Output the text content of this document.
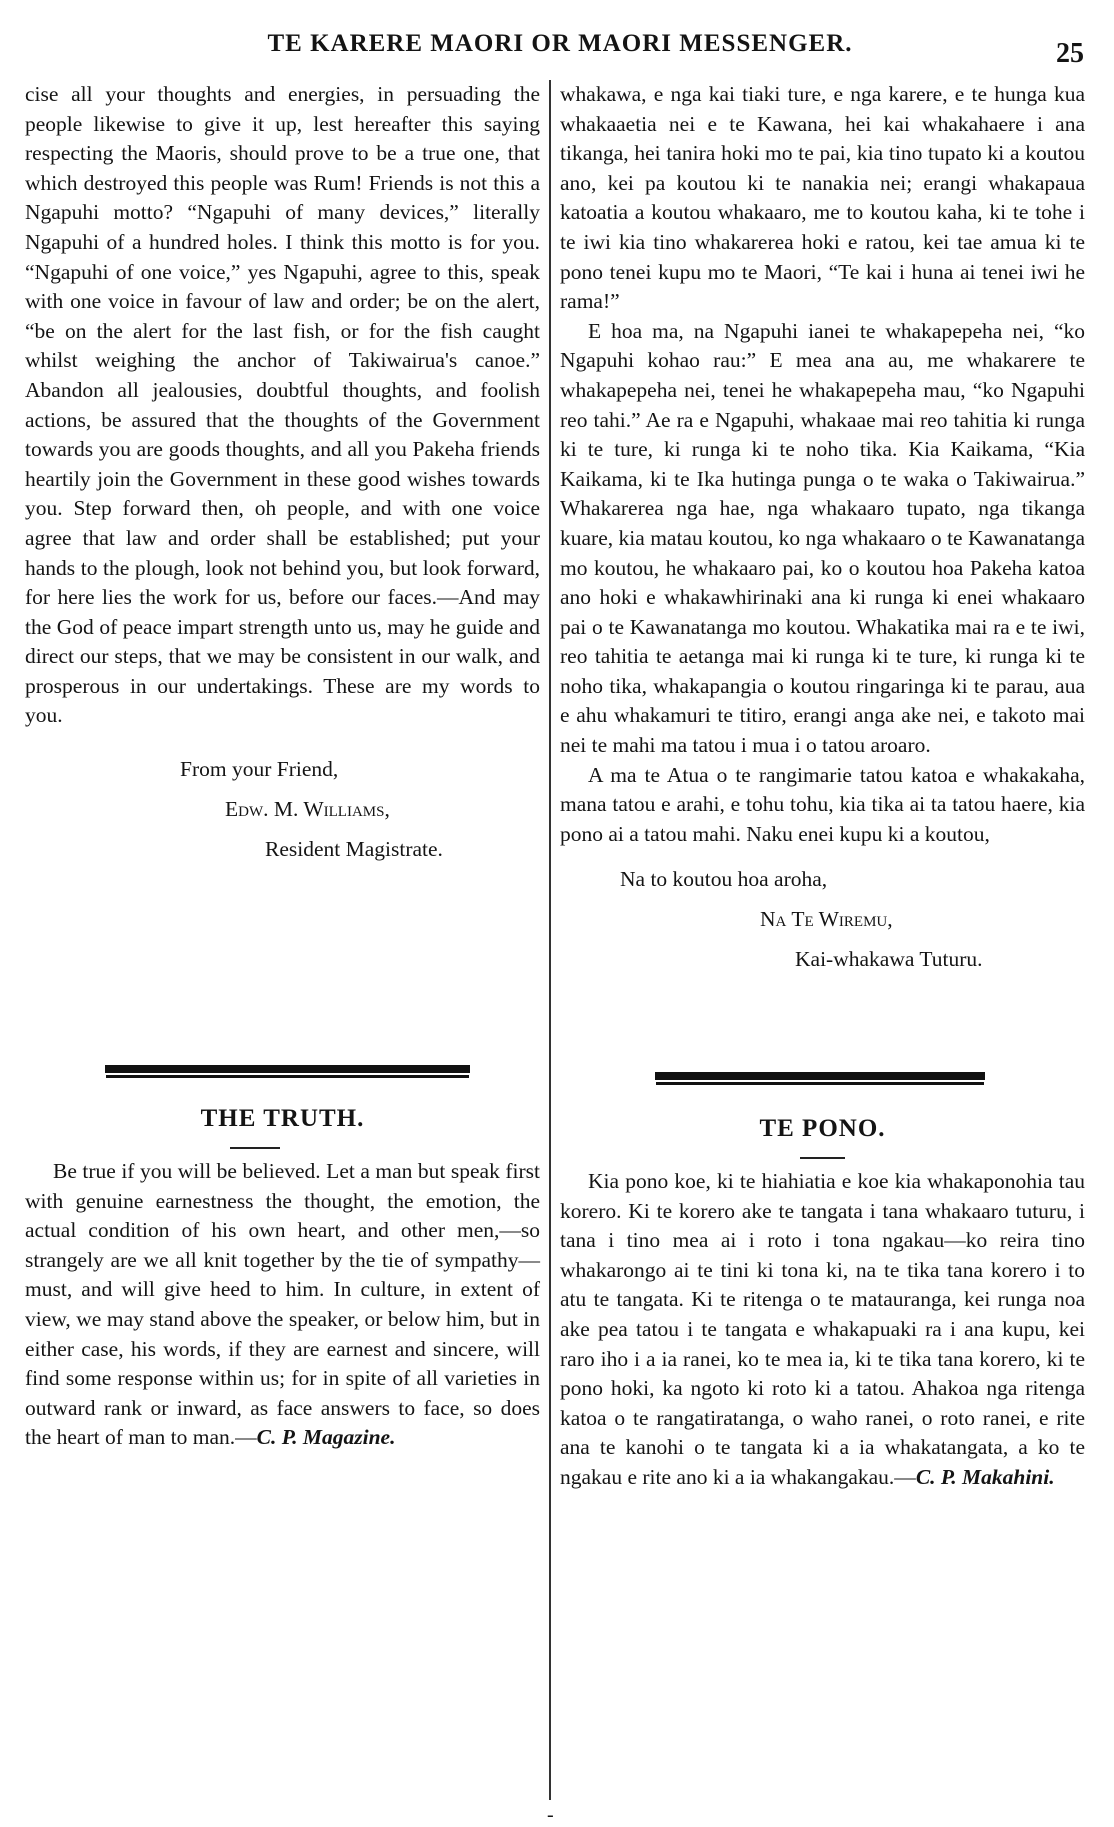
TE KARERE MAORI OR MAORI MESSENGER.	25

cise all your thoughts and energies, in persuading the people likewise to give it up, lest hereafter this saying respecting the Maoris, should prove to be a true one, that which destroyed this people was Rum! Friends is not this a Ngapuhi motto? “Ngapuhi of many devices,” literally Ngapuhi of a hundred holes. I think this motto is for you. “Ngapuhi of one voice,” yes Ngapuhi, agree to this, speak with one voice in favour of law and order; be on the alert, “be on the alert for the last fish, or for the fish caught whilst weighing the anchor of Takiwairua's canoe.” Abandon all jealousies, doubtful thoughts, and foolish actions, be assured that the thoughts of the Government towards you are goods thoughts, and all you Pakeha friends heartily join the Government in these good wishes towards you. Step forward then, oh people, and with one voice agree that law and order shall be established; put your hands to the plough, look not behind you, but look forward, for here lies the work for us, before our faces.—And may the God of peace impart strength unto us, may he guide and direct our steps, that we may be consistent in our walk, and prosperous in our undertakings. These are my words to you.

From your Friend,
Edw. M. Williams,
Resident Magistrate.
THE TRUTH.

Be true if you will be believed. Let a man but speak first with genuine earnestness the thought, the emotion, the actual condition of his own heart, and other men,—so strangely are we all knit together by the tie of sympathy—must, and will give heed to him. In culture, in extent of view, we may stand above the speaker, or below him, but in either case, his words, if they are earnest and sincere, will find some response within us; for in spite of all varieties in outward rank or inward, as face answers to face, so does the heart of man to man.—C. P. Magazine.

whakawa, e nga kai tiaki ture, e nga karere, e te hunga kua whakaaetia nei e te Kawana, hei kai whakahaere i ana tikanga, hei tanira hoki mo te pai, kia tino tupato ki a koutou ano, kei pa koutou ki te nanakia nei; erangi whakapaua katoatia a koutou whakaaro, me to koutou kaha, ki te tohe i te iwi kia tino whakarerea hoki e ratou, kei tae amua ki te pono tenei kupu mo te Maori, “Te kai i huna ai tenei iwi he rama!”

E hoa ma, na Ngapuhi ianei te whakapepeha nei, “ko Ngapuhi kohao rau:” E mea ana au, me whakarere te whakapepeha nei, tenei he whakapepeha mau, “ko Ngapuhi reo tahi.” Ae ra e Ngapuhi, whakaae mai reo tahitia ki runga ki te ture, ki runga ki te noho tika. Kia Kaikama, “Kia Kaikama, ki te Ika hutinga punga o te waka o Takiwairua.” Whakarerea nga hae, nga whakaaro tupato, nga tikanga kuare, kia matau koutou, ko nga whakaaro o te Kawanatanga mo koutou, he whakaaro pai, ko o koutou hoa Pakeha katoa ano hoki e whakawhirinaki ana ki runga ki enei whakaaro pai o te Kawanatanga mo koutou. Whakatika mai ra e te iwi, reo tahitia te aetanga mai ki runga ki te ture, ki runga ki te noho tika, whakapangia o koutou ringaringa ki te parau, aua e ahu whakamuri te titiro, erangi anga ake nei, e takoto mai nei te mahi ma tatou i mua i o tatou aroaro.

A ma te Atua o te rangimarie tatou katoa e whakakaha, mana tatou e arahi, e tohu tohu, kia tika ai ta tatou haere, kia pono ai a tatou mahi. Naku enei kupu ki a koutou,

Na to koutou hoa aroha,
Na Te Wiremu,
Kai-whakawa Tuturu.
TE PONO.

Kia pono koe, ki te hiahiatia e koe kia whakaponohia tau korero. Ki te korero ake te tangata i tana whakaaro tuturu, i tana i tino mea ai i roto i tona ngakau—ko reira tino whakarongo ai te tini ki tona ki, na te tika tana korero i to atu te tangata. Ki te ritenga o te matauranga, kei runga noa ake pea tatou i te tangata e whakapuaki ra i ana kupu, kei raro iho i a ia ranei, ko te mea ia, ki te tika tana korero, ki te pono hoki, ka ngoto ki roto ki a tatou. Ahakoa nga ritenga katoa o te rangatiratanga, o waho ranei, o roto ranei, e rite ana te kanohi o te tangata ki a ia whakatangata, a ko te ngakau e rite ano ki a ia whakangakau.—C. P. Makahini.

-
